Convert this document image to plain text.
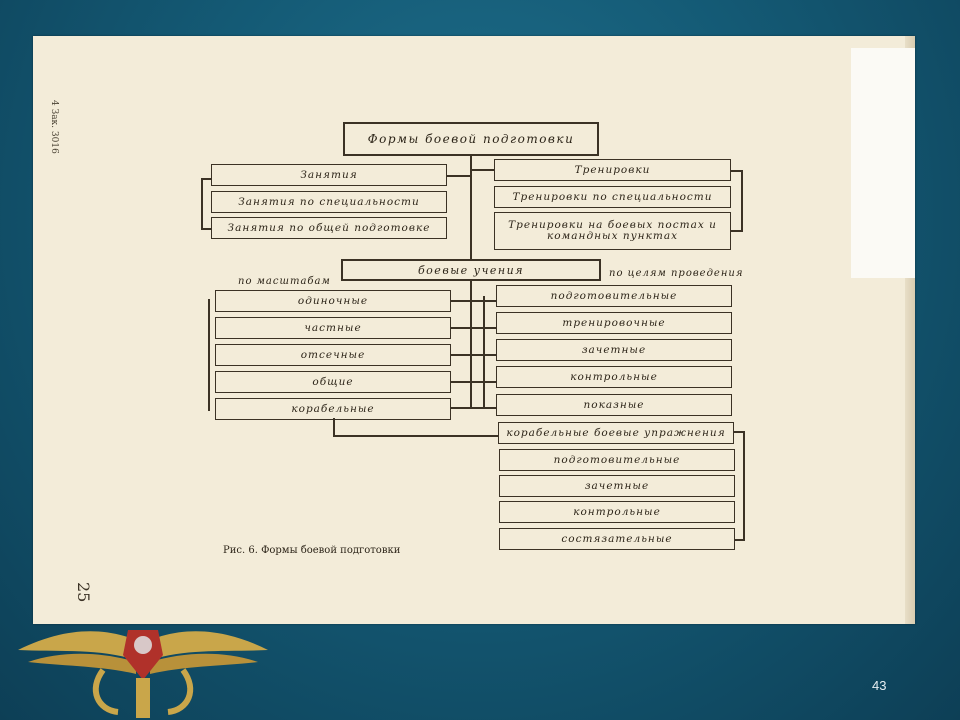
4 Зак. 3016
25
Формы боевой подготовки
Занятия
Занятия по специальности
Занятия по общей подготовке
Тренировки
Тренировки по специальности
Тренировки на боевых постах и командных пунктах
боевые учения
по масштабам
по целям проведения
одиночные
частные
отсечные
общие
корабельные
подготовительные
тренировочные
зачетные
контрольные
показные
корабельные боевые упражнения
подготовительные
зачетные
контрольные
состязательные
Рис. 6. Формы боевой подготовки
43
